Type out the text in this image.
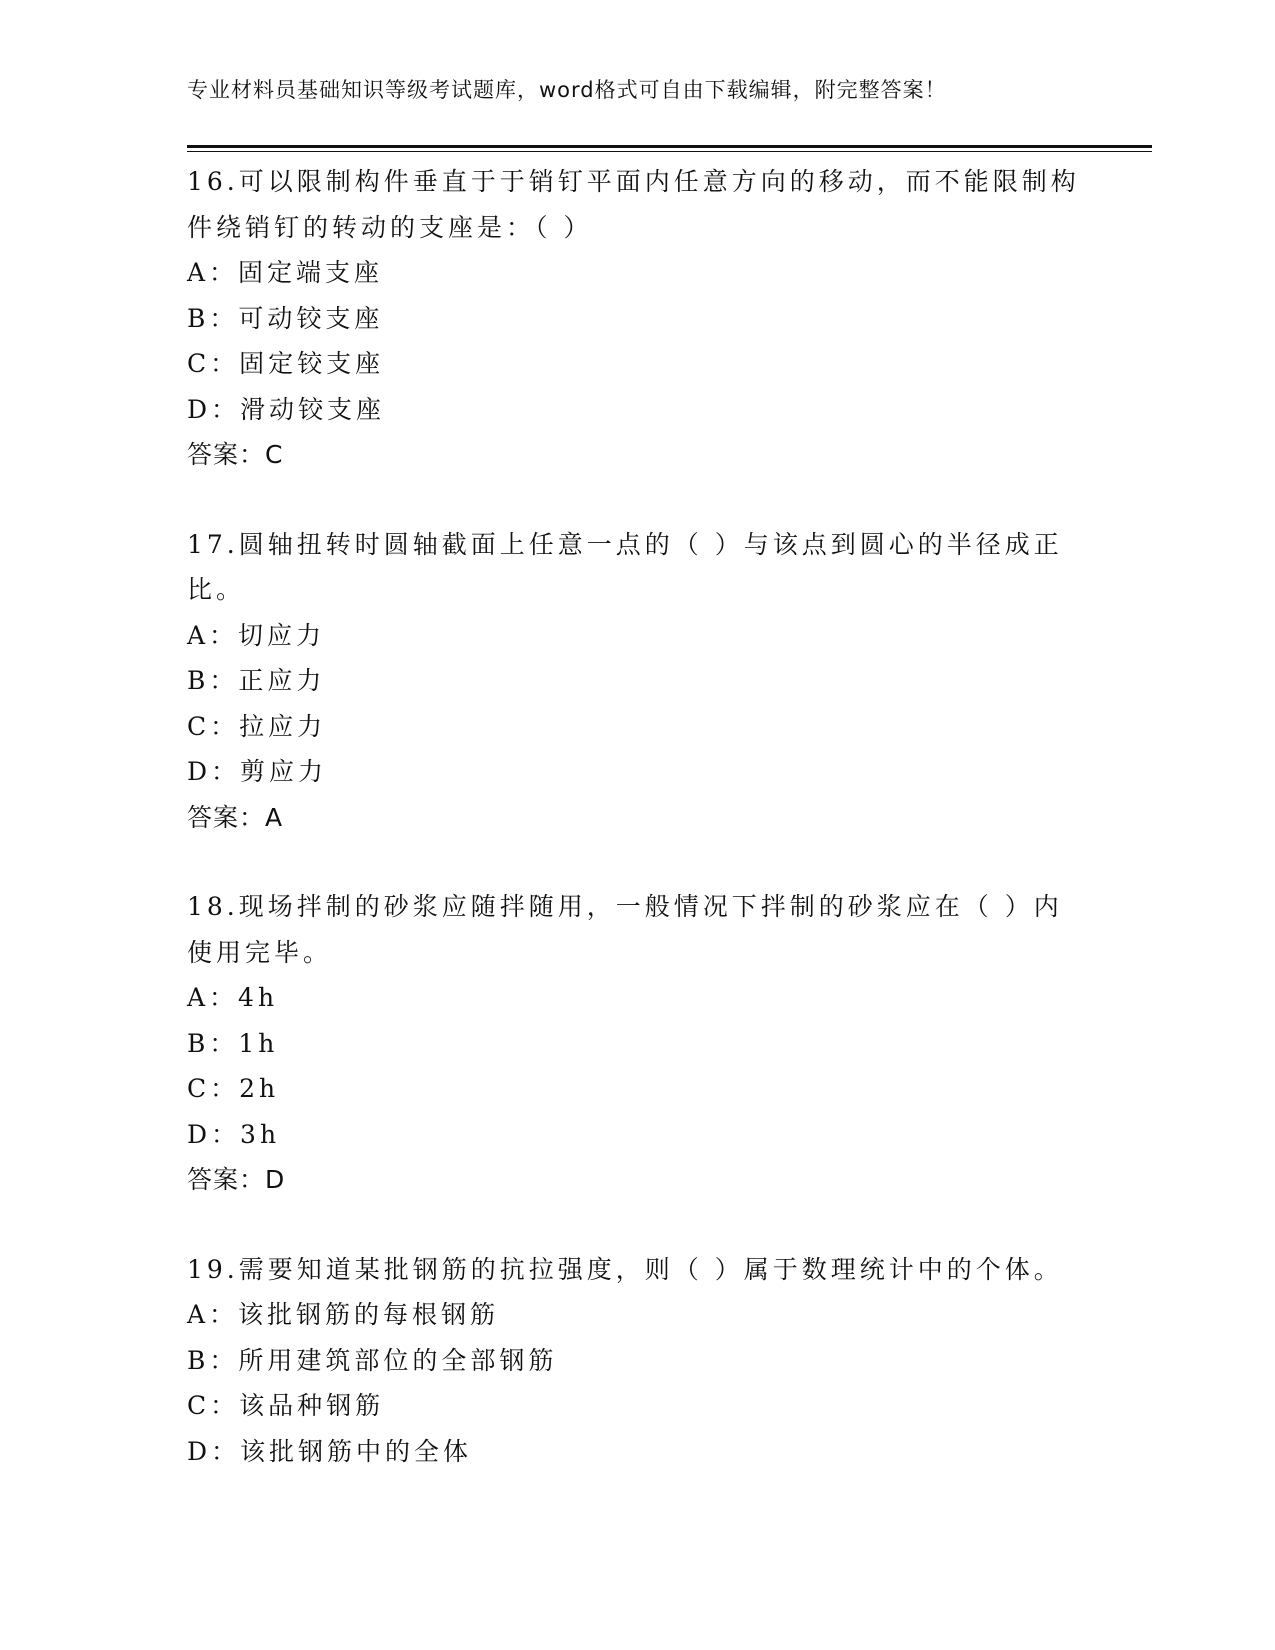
专业材料员基础知识等级考试题库，word格式可自由下载编辑，附完整答案！
16.可以限制构件垂直于于销钉平面内任意方向的移动，而不能限制构
件绕销钉的转动的支座是：（ ）
A：固定端支座
B：可动铰支座
C：固定铰支座
D：滑动铰支座
答案：C
17.圆轴扭转时圆轴截面上任意一点的（ ）与该点到圆心的半径成正
比。
A：切应力
B：正应力
C：拉应力
D：剪应力
答案：A
18.现场拌制的砂浆应随拌随用，一般情况下拌制的砂浆应在（ ）内
使用完毕。
A：4h
B：1h
C：2h
D：3h
答案：D
19.需要知道某批钢筋的抗拉强度，则（ ）属于数理统计中的个体。
A：该批钢筋的每根钢筋
B：所用建筑部位的全部钢筋
C：该品种钢筋
D：该批钢筋中的全体
